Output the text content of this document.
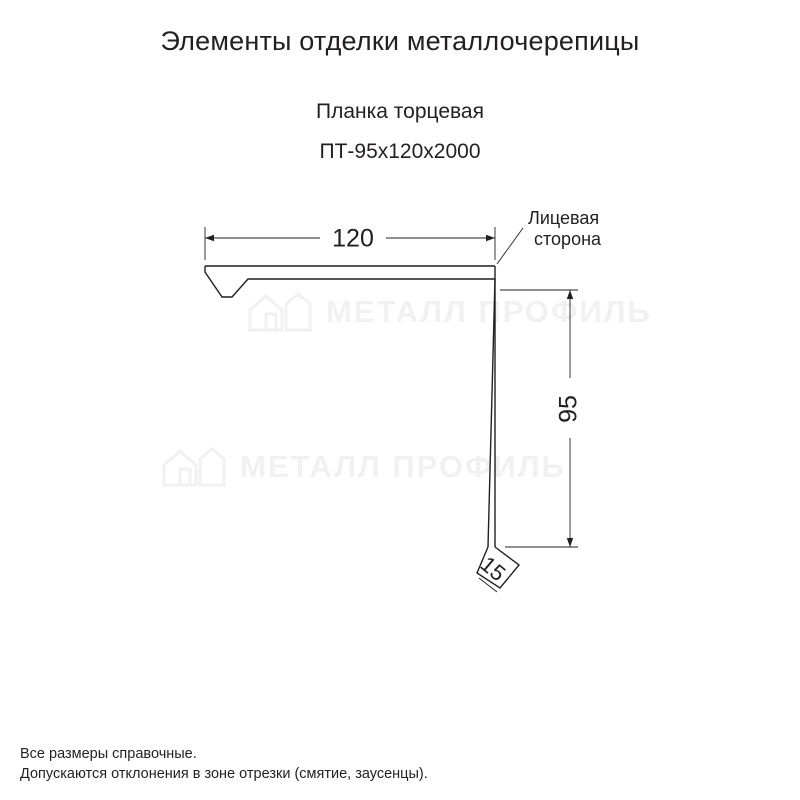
МЕТАЛЛ ПРОФИЛЬ
МЕТАЛЛ ПРОФИЛЬ
Элементы отделки металлочерепицы
Планка торцевая
ПТ-95х120х2000
120
95
15
Лицевая
сторона
Все размеры справочные.
Допускаются отклонения в зоне отрезки (смятие, заусенцы).
